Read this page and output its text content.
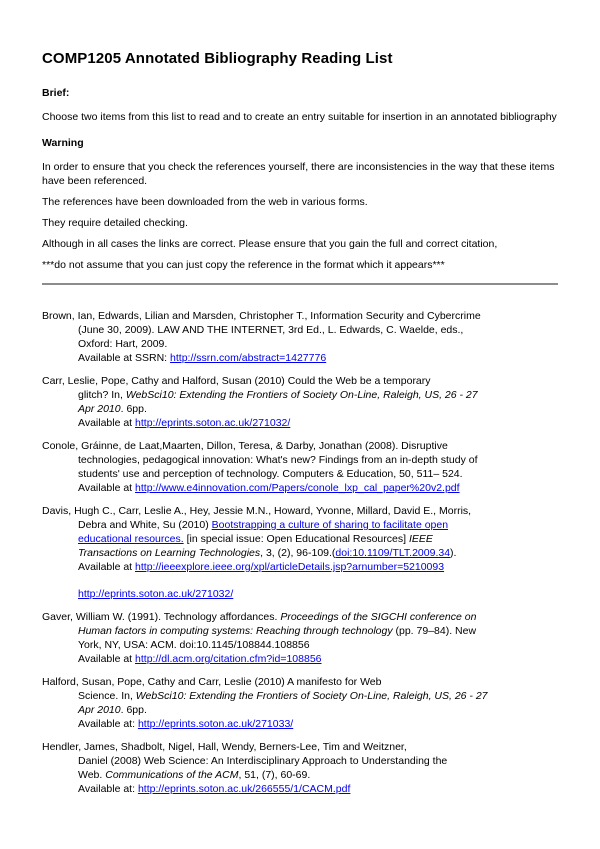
COMP1205 Annotated Bibliography Reading List

Brief:

Choose two items from this list to read and to create an entry suitable for insertion in an annotated bibliography

Warning

In order to ensure that you check the references yourself, there are inconsistencies in the way that these items have been referenced.

The references have been downloaded from the web in various forms.

They require detailed checking.

Although in all cases the links are correct. Please ensure that you gain the full and correct citation,

***do not assume that you can just copy the reference in the format which it appears***

Brown, Ian, Edwards, Lilian and Marsden, Christopher T., Information Security and Cybercrime
(June 30, 2009). LAW AND THE INTERNET, 3rd Ed., L. Edwards, C. Waelde, eds.,
Oxford: Hart, 2009.
Available at SSRN: http://ssrn.com/abstract=1427776
Carr, Leslie, Pope, Cathy and Halford, Susan (2010) Could the Web be a temporary
glitch? In, WebSci10: Extending the Frontiers of Society On-Line, Raleigh, US, 26 - 27
Apr 2010. 6pp.
Available at http://eprints.soton.ac.uk/271032/
Conole, Gráinne, de Laat,Maarten, Dillon, Teresa, & Darby, Jonathan (2008). Disruptive
technologies, pedagogical innovation: What's new? Findings from an in-depth study of
students' use and perception of technology. Computers & Education, 50, 511– 524.
Available at http://www.e4innovation.com/Papers/conole_lxp_cal_paper%20v2.pdf
Davis, Hugh C., Carr, Leslie A., Hey, Jessie M.N., Howard, Yvonne, Millard, David E., Morris,
Debra and White, Su (2010) Bootstrapping a culture of sharing to facilitate open
educational resources. [in special issue: Open Educational Resources] IEEE
Transactions on Learning Technologies, 3, (2), 96-109.(doi:10.1109/TLT.2009.34).
Available at http://ieeexplore.ieee.org/xpl/articleDetails.jsp?arnumber=5210093
http://eprints.soton.ac.uk/271032/
Gaver, William W. (1991). Technology affordances. Proceedings of the SIGCHI conference on
Human factors in computing systems: Reaching through technology (pp. 79–84). New
York, NY, USA: ACM. doi:10.1145/108844.108856
Available at http://dl.acm.org/citation.cfm?id=108856
Halford, Susan, Pope, Cathy and Carr, Leslie (2010) A manifesto for Web
Science. In, WebSci10: Extending the Frontiers of Society On-Line, Raleigh, US, 26 - 27
Apr 2010. 6pp.
Available at: http://eprints.soton.ac.uk/271033/
Hendler, James, Shadbolt, Nigel, Hall, Wendy, Berners-Lee, Tim and Weitzner,
Daniel (2008) Web Science: An Interdisciplinary Approach to Understanding the
Web. Communications of the ACM, 51, (7), 60-69.
Available at: http://eprints.soton.ac.uk/266555/1/CACM.pdf
